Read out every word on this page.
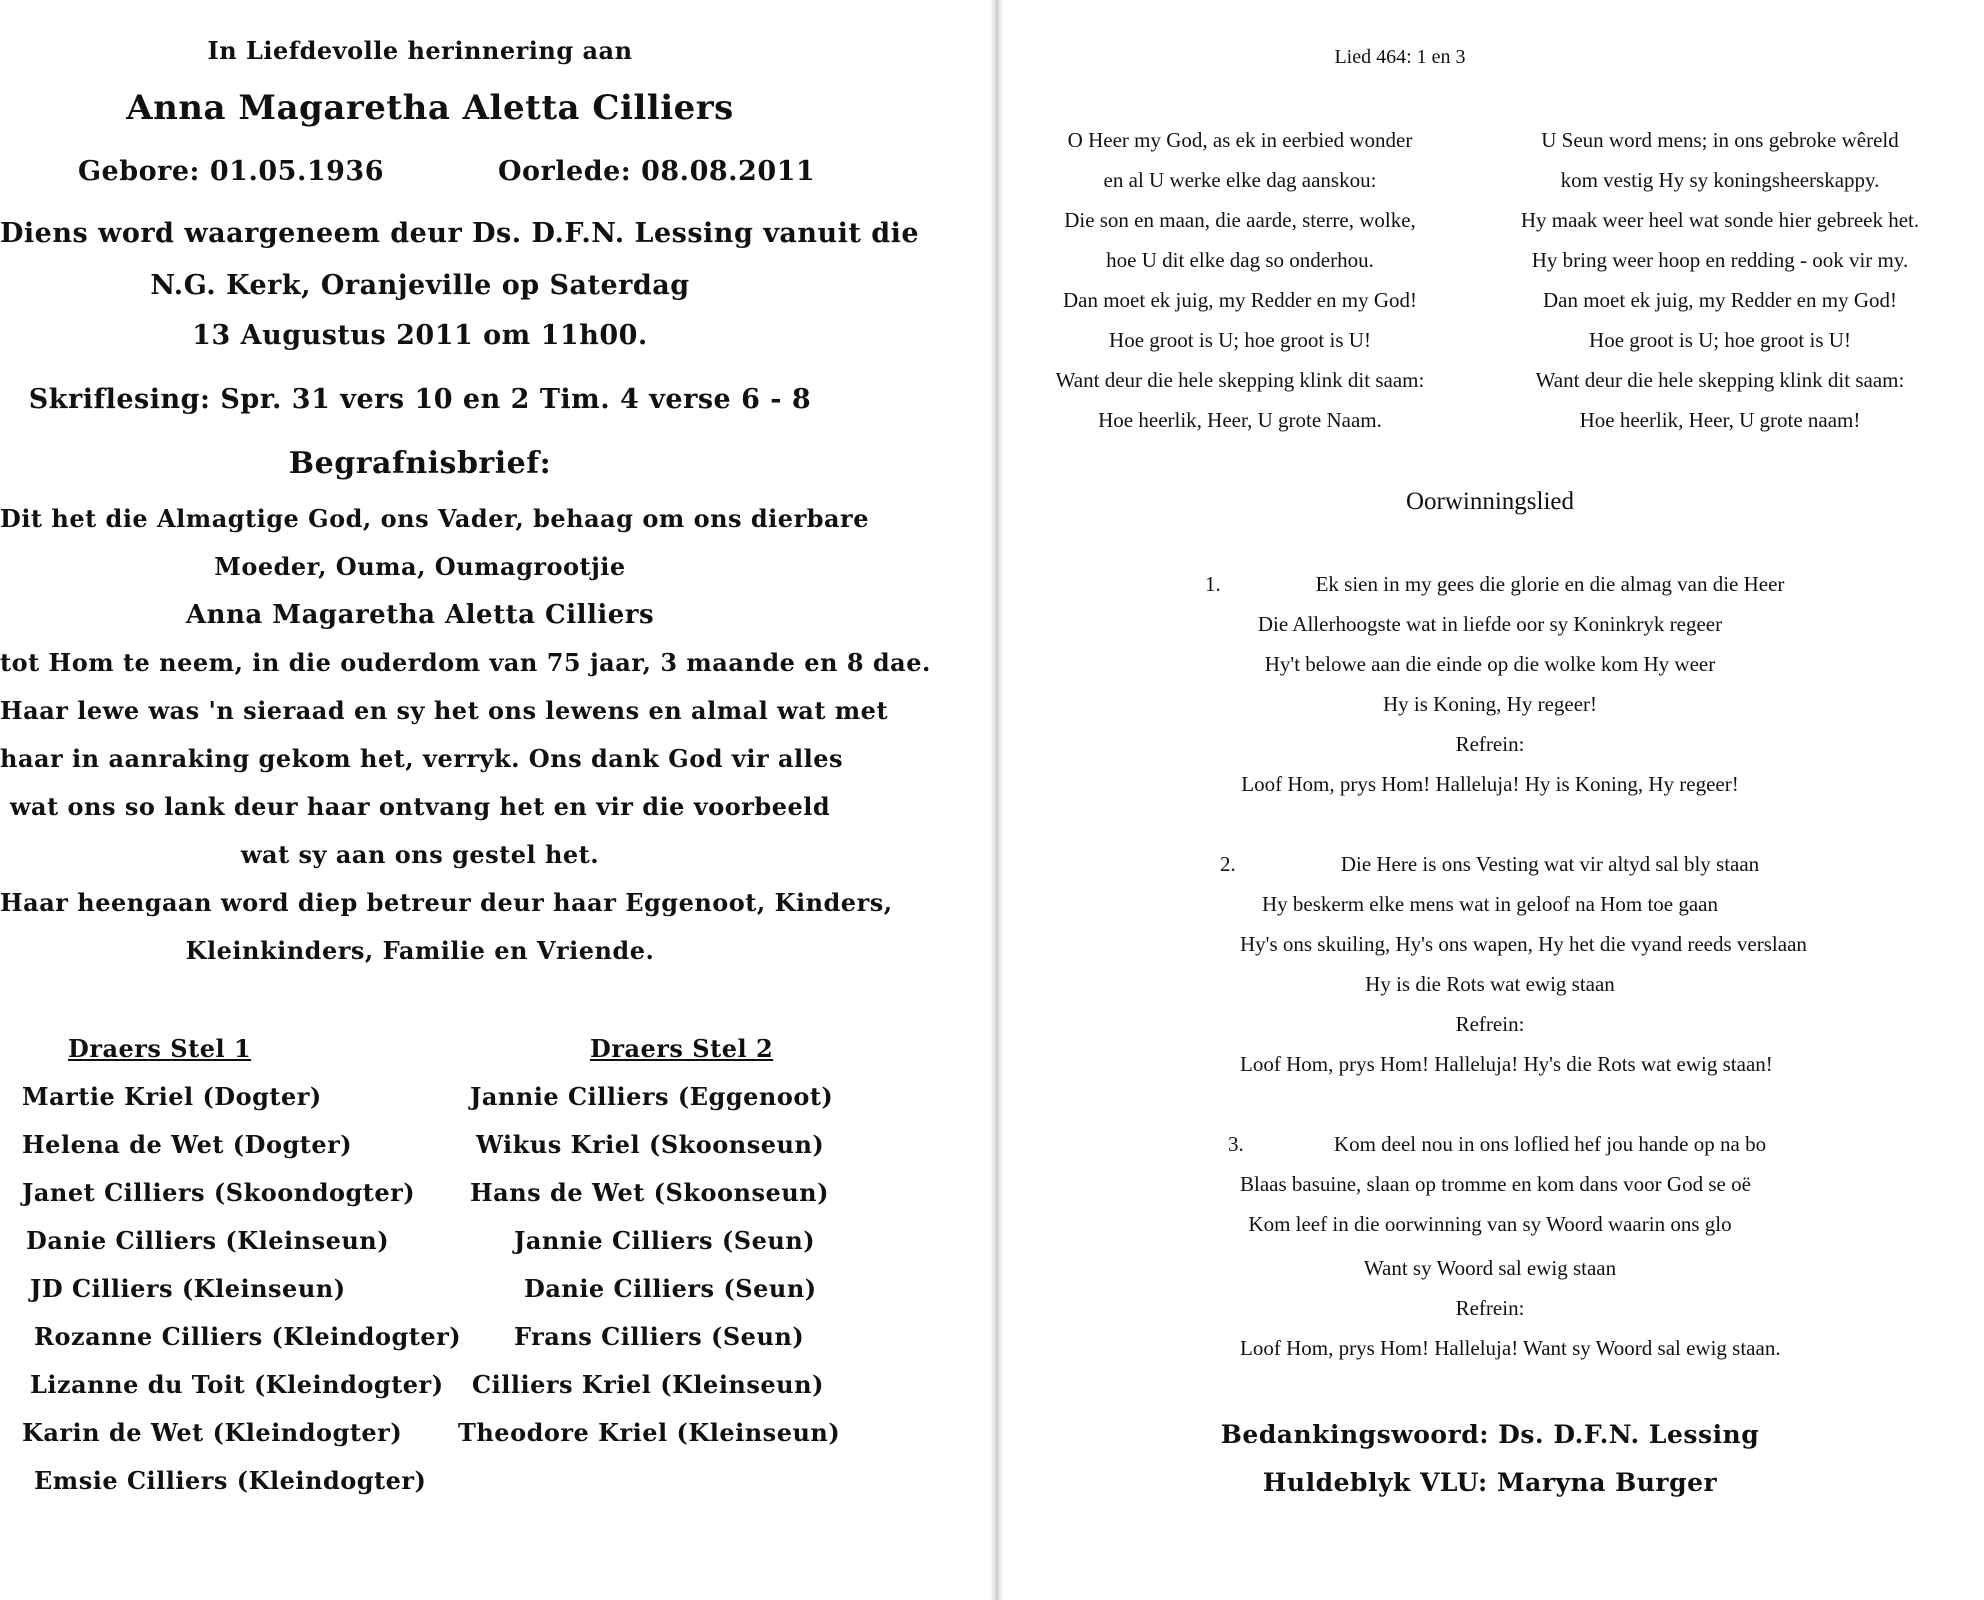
In Liefdevolle herinnering aan
Anna Magaretha Aletta Cilliers
Gebore: 01.05.1936	Oorlede: 08.08.2011
Diens word waargeneem deur Ds. D.F.N. Lessing vanuit die
N.G. Kerk, Oranjeville op Saterdag
13 Augustus 2011 om 11h00.
Skriflesing: Spr. 31 vers 10 en 2 Tim. 4 verse 6 - 8
Begrafnisbrief:
Dit het die Almagtige God, ons Vader, behaag om ons dierbare
Moeder, Ouma, Oumagrootjie
Anna Magaretha Aletta Cilliers
tot Hom te neem, in die ouderdom van 75 jaar, 3 maande en 8 dae.
Haar lewe was 'n sieraad en sy het ons lewens en almal wat met
haar in aanraking gekom het, verryk. Ons dank God vir alles
wat ons so lank deur haar ontvang het en vir die voorbeeld
wat sy aan ons gestel het.
Haar heengaan word diep betreur deur haar Eggenoot, Kinders,
Kleinkinders, Familie en Vriende.
Draers Stel 1
Martie Kriel (Dogter)
Helena de Wet (Dogter)
Janet Cilliers (Skoondogter)
Danie Cilliers (Kleinseun)
JD Cilliers (Kleinseun)
Rozanne Cilliers (Kleindogter)
Lizanne du Toit (Kleindogter)
Karin de Wet (Kleindogter)
Emsie Cilliers (Kleindogter)
Draers Stel 2
Jannie Cilliers (Eggenoot)
Wikus Kriel (Skoonseun)
Hans de Wet (Skoonseun)
Jannie Cilliers (Seun)
Danie Cilliers (Seun)
Frans Cilliers (Seun)
Cilliers Kriel (Kleinseun)
Theodore Kriel (Kleinseun)
Lied 464: 1 en 3
O Heer my God, as ek in eerbied wonder
en al U werke elke dag aanskou:
Die son en maan, die aarde, sterre, wolke,
hoe U dit elke dag so onderhou.
Dan moet ek juig, my Redder en my God!
Hoe groot is U; hoe groot is U!
Want deur die hele skepping klink dit saam:
Hoe heerlik, Heer, U grote Naam.
U Seun word mens; in ons gebroke wêreld
kom vestig Hy sy koningsheerskappy.
Hy maak weer heel wat sonde hier gebreek het.
Hy bring weer hoop en redding - ook vir my.
Dan moet ek juig, my Redder en my God!
Hoe groot is U; hoe groot is U!
Want deur die hele skepping klink dit saam:
Hoe heerlik, Heer, U grote naam!
Oorwinningslied
1.	Ek sien in my gees die glorie en die almag van die Heer
Die Allerhoogste wat in liefde oor sy Koninkryk regeer
Hy't belowe aan die einde op die wolke kom Hy weer
Hy is Koning, Hy regeer!
Refrein:
Loof Hom, prys Hom! Halleluja! Hy is Koning, Hy regeer!
2.	Die Here is ons Vesting wat vir altyd sal bly staan
Hy beskerm elke mens wat in geloof na Hom toe gaan
Hy's ons skuiling, Hy's ons wapen, Hy het die vyand reeds verslaan
Hy is die Rots wat ewig staan
Refrein:
Loof Hom, prys Hom! Halleluja! Hy's die Rots wat ewig staan!
3.	Kom deel nou in ons loflied hef jou hande op na bo
Blaas basuine, slaan op tromme en kom dans voor God se oë
Kom leef in die oorwinning van sy Woord waarin ons glo
Want sy Woord sal ewig staan
Refrein:
Loof Hom, prys Hom! Halleluja! Want sy Woord sal ewig staan.
Bedankingswoord: Ds. D.F.N. Lessing
Huldeblyk VLU: Maryna Burger
